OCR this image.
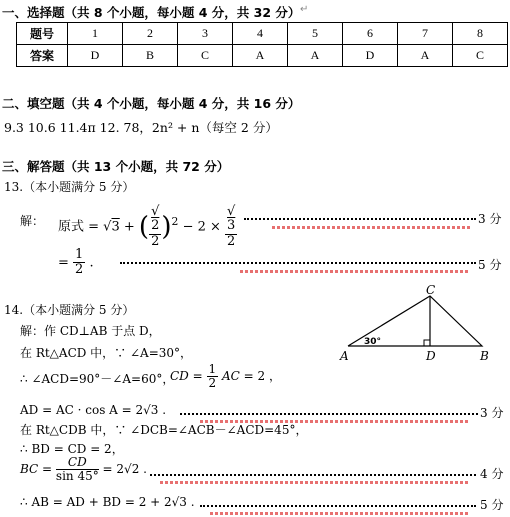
一、选择题（共 8 个小题，每小题 4 分，共 32 分） ↵
题号	1	2	3	4	5	6	7	8
答案	D	B	C	A	A	D	A	C
二、填空题（共 4 个小题，每小题 4 分，共 16 分）
9.3 10.6 11.4π 12. 78，2n² + n（每空 2 分）
三、解答题（共 13 个小题，共 72 分）
13.（本小题满分 5 分）
解： 原式 = √3 + ( √
2
2 )$^2$ − 2 × √
3
2	3 分
= $\frac{1}{2}$ .	5 分
14.（本小题满分 5 分）
解：作 CD⊥AB 于点 D，
在 Rt△ACD 中，∵ ∠A=30°，
∴ ∠ACD=90°－∠A=60°，
CD = $\frac{1}{2}$ AC = 2 ，
AD = AC · cos A = 2√3 .	3 分
在 Rt△CDB 中，∵ ∠DCB=∠ACB－∠ACD=45°，
∴ BD = CD = 2，
BC = $\frac{CD}{\sin 45^\circ} = 2√2$ .	4 分
∴ AB = AD + BD = 2 + 2√3 .	5 分
A
C
D	B
30°
